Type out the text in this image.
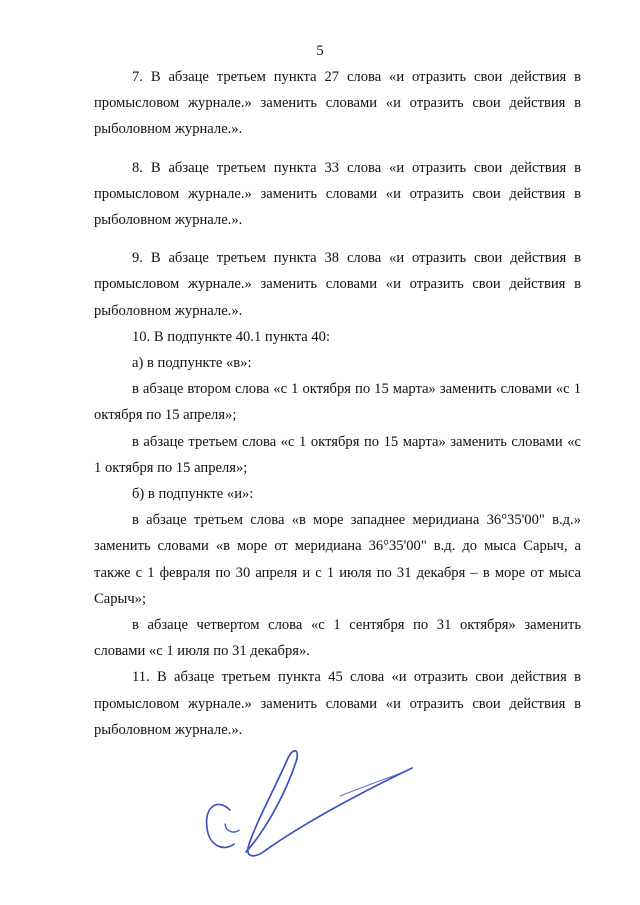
5

7. В абзаце третьем пункта 27 слова «и отразить свои действия в промысловом журнале.» заменить словами «и отразить свои действия в рыболовном журнале.».

8. В абзаце третьем пункта 33 слова «и отразить свои действия в промысловом журнале.» заменить словами «и отразить свои действия в рыболовном журнале.».

9. В абзаце третьем пункта 38 слова «и отразить свои действия в промысловом журнале.» заменить словами «и отразить свои действия в рыболовном журнале.».

10. В подпункте 40.1 пункта 40:

а) в подпункте «в»:

в абзаце втором слова «с 1 октября по 15 марта» заменить словами «с 1 октября по 15 апреля»;

в абзаце третьем слова «с 1 октября по 15 марта» заменить словами «с 1 октября по 15 апреля»;

б) в подпункте «и»:

в абзаце третьем слова «в море западнее меридиана 36°35'00" в.д.» заменить словами «в море от меридиана 36°35'00" в.д. до мыса Сарыч, а также с 1 февраля по 30 апреля и с 1 июля по 31 декабря – в море от мыса Сарыч»;

в абзаце четвертом слова «с 1 сентября по 31 октября» заменить словами «с 1 июля по 31 декабря».

11. В абзаце третьем пункта 45 слова «и отразить свои действия в промысловом журнале.» заменить словами «и отразить свои действия в рыболовном журнале.».
